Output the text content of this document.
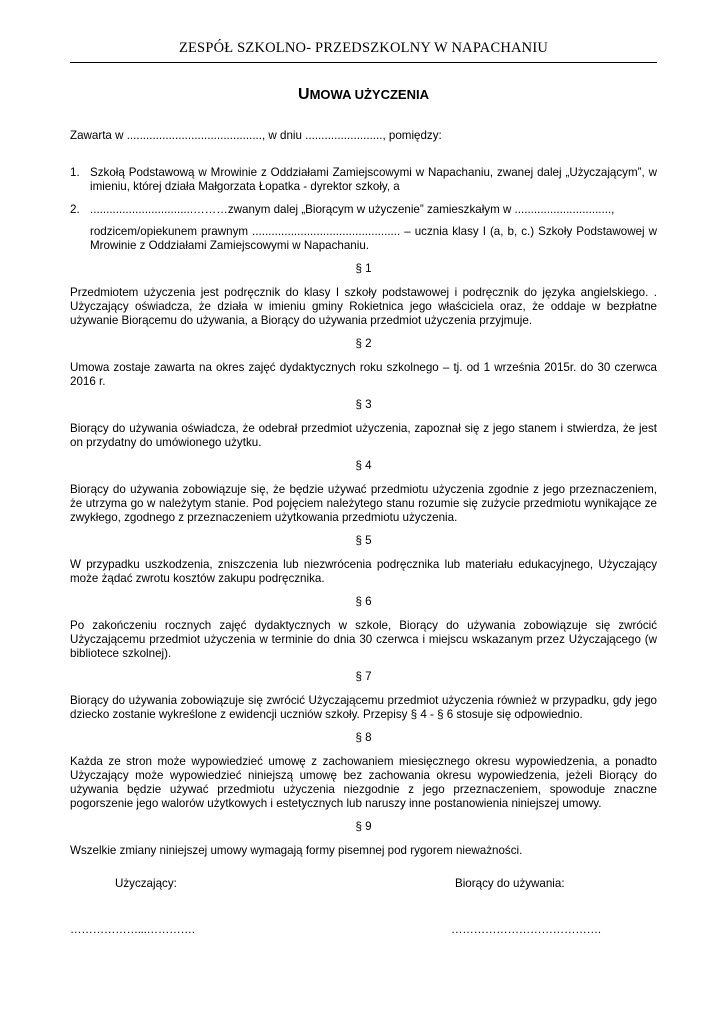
ZESPÓŁ SZKOLNO- PRZEDSZKOLNY W NAPACHANIU
UMOWA UŻYCZENIA

Zawarta w .........................................., w dniu ........................, pomiędzy:

1. Szkołą Podstawową w Mrowinie z Oddziałami Zamiejscowymi w Napachaniu, zwanej dalej „Użyczającym”, w imieniu, której działa Małgorzata Łopatka - dyrektor szkoły, a
2. ................................………zwanym dalej „Biorącym w użyczenie” zamieszkałym w ..............................,
rodzicem/opiekunem prawnym .............................................. – ucznia klasy I (a, b, c.) Szkoły Podstawowej w Mrowinie z Oddziałami Zamiejscowymi w Napachaniu.

§ 1

Przedmiotem użyczenia jest podręcznik do klasy I szkoły podstawowej i podręcznik do języka angielskiego. . Użyczający oświadcza, że działa w imieniu gminy Rokietnica jego właściciela oraz, że oddaje w bezpłatne używanie Biorącemu do używania, a Biorący do używania przedmiot użyczenia przyjmuje.

§ 2

Umowa zostaje zawarta na okres zajęć dydaktycznych roku szkolnego – tj. od 1 września 2015r. do 30 czerwca 2016 r.

§ 3

Biorący do używania oświadcza, że odebrał przedmiot użyczenia, zapoznał się z jego stanem i stwierdza, że jest on przydatny do umówionego użytku.

§ 4

Biorący do używania zobowiązuje się, że będzie używać przedmiotu użyczenia zgodnie z jego przeznaczeniem, że utrzyma go w należytym stanie. Pod pojęciem należytego stanu rozumie się zużycie przedmiotu wynikające ze zwykłego, zgodnego z przeznaczeniem użytkowania przedmiotu użyczenia.

§ 5

W przypadku uszkodzenia, zniszczenia lub niezwrócenia podręcznika lub materiału edukacyjnego, Użyczający może żądać zwrotu kosztów zakupu podręcznika.

§ 6

Po zakończeniu rocznych zajęć dydaktycznych w szkole, Biorący do używania zobowiązuje się zwrócić Użyczającemu przedmiot użyczenia w terminie do dnia 30 czerwca i miejscu wskazanym przez Użyczającego (w bibliotece szkolnej).

§ 7

Biorący do używania zobowiązuje się zwrócić Użyczającemu przedmiot użyczenia również w przypadku, gdy jego dziecko zostanie wykreślone z ewidencji uczniów szkoły. Przepisy § 4 - § 6 stosuje się odpowiednio.

§ 8

Każda ze stron może wypowiedzieć umowę z zachowaniem miesięcznego okresu wypowiedzenia, a ponadto Użyczający może wypowiedzieć niniejszą umowę bez zachowania okresu wypowiedzenia, jeżeli Biorący do używania będzie używać przedmiotu użyczenia niezgodnie z jego przeznaczeniem, spowoduje znaczne pogorszenie jego walorów użytkowych i estetycznych lub naruszy inne postanowienia niniejszej umowy.

§ 9

Wszelkie zmiany niniejszej umowy wymagają formy pisemnej pod rygorem nieważności.

Użyczający:	Biorący do używania:
………………...………….	………………………………….
